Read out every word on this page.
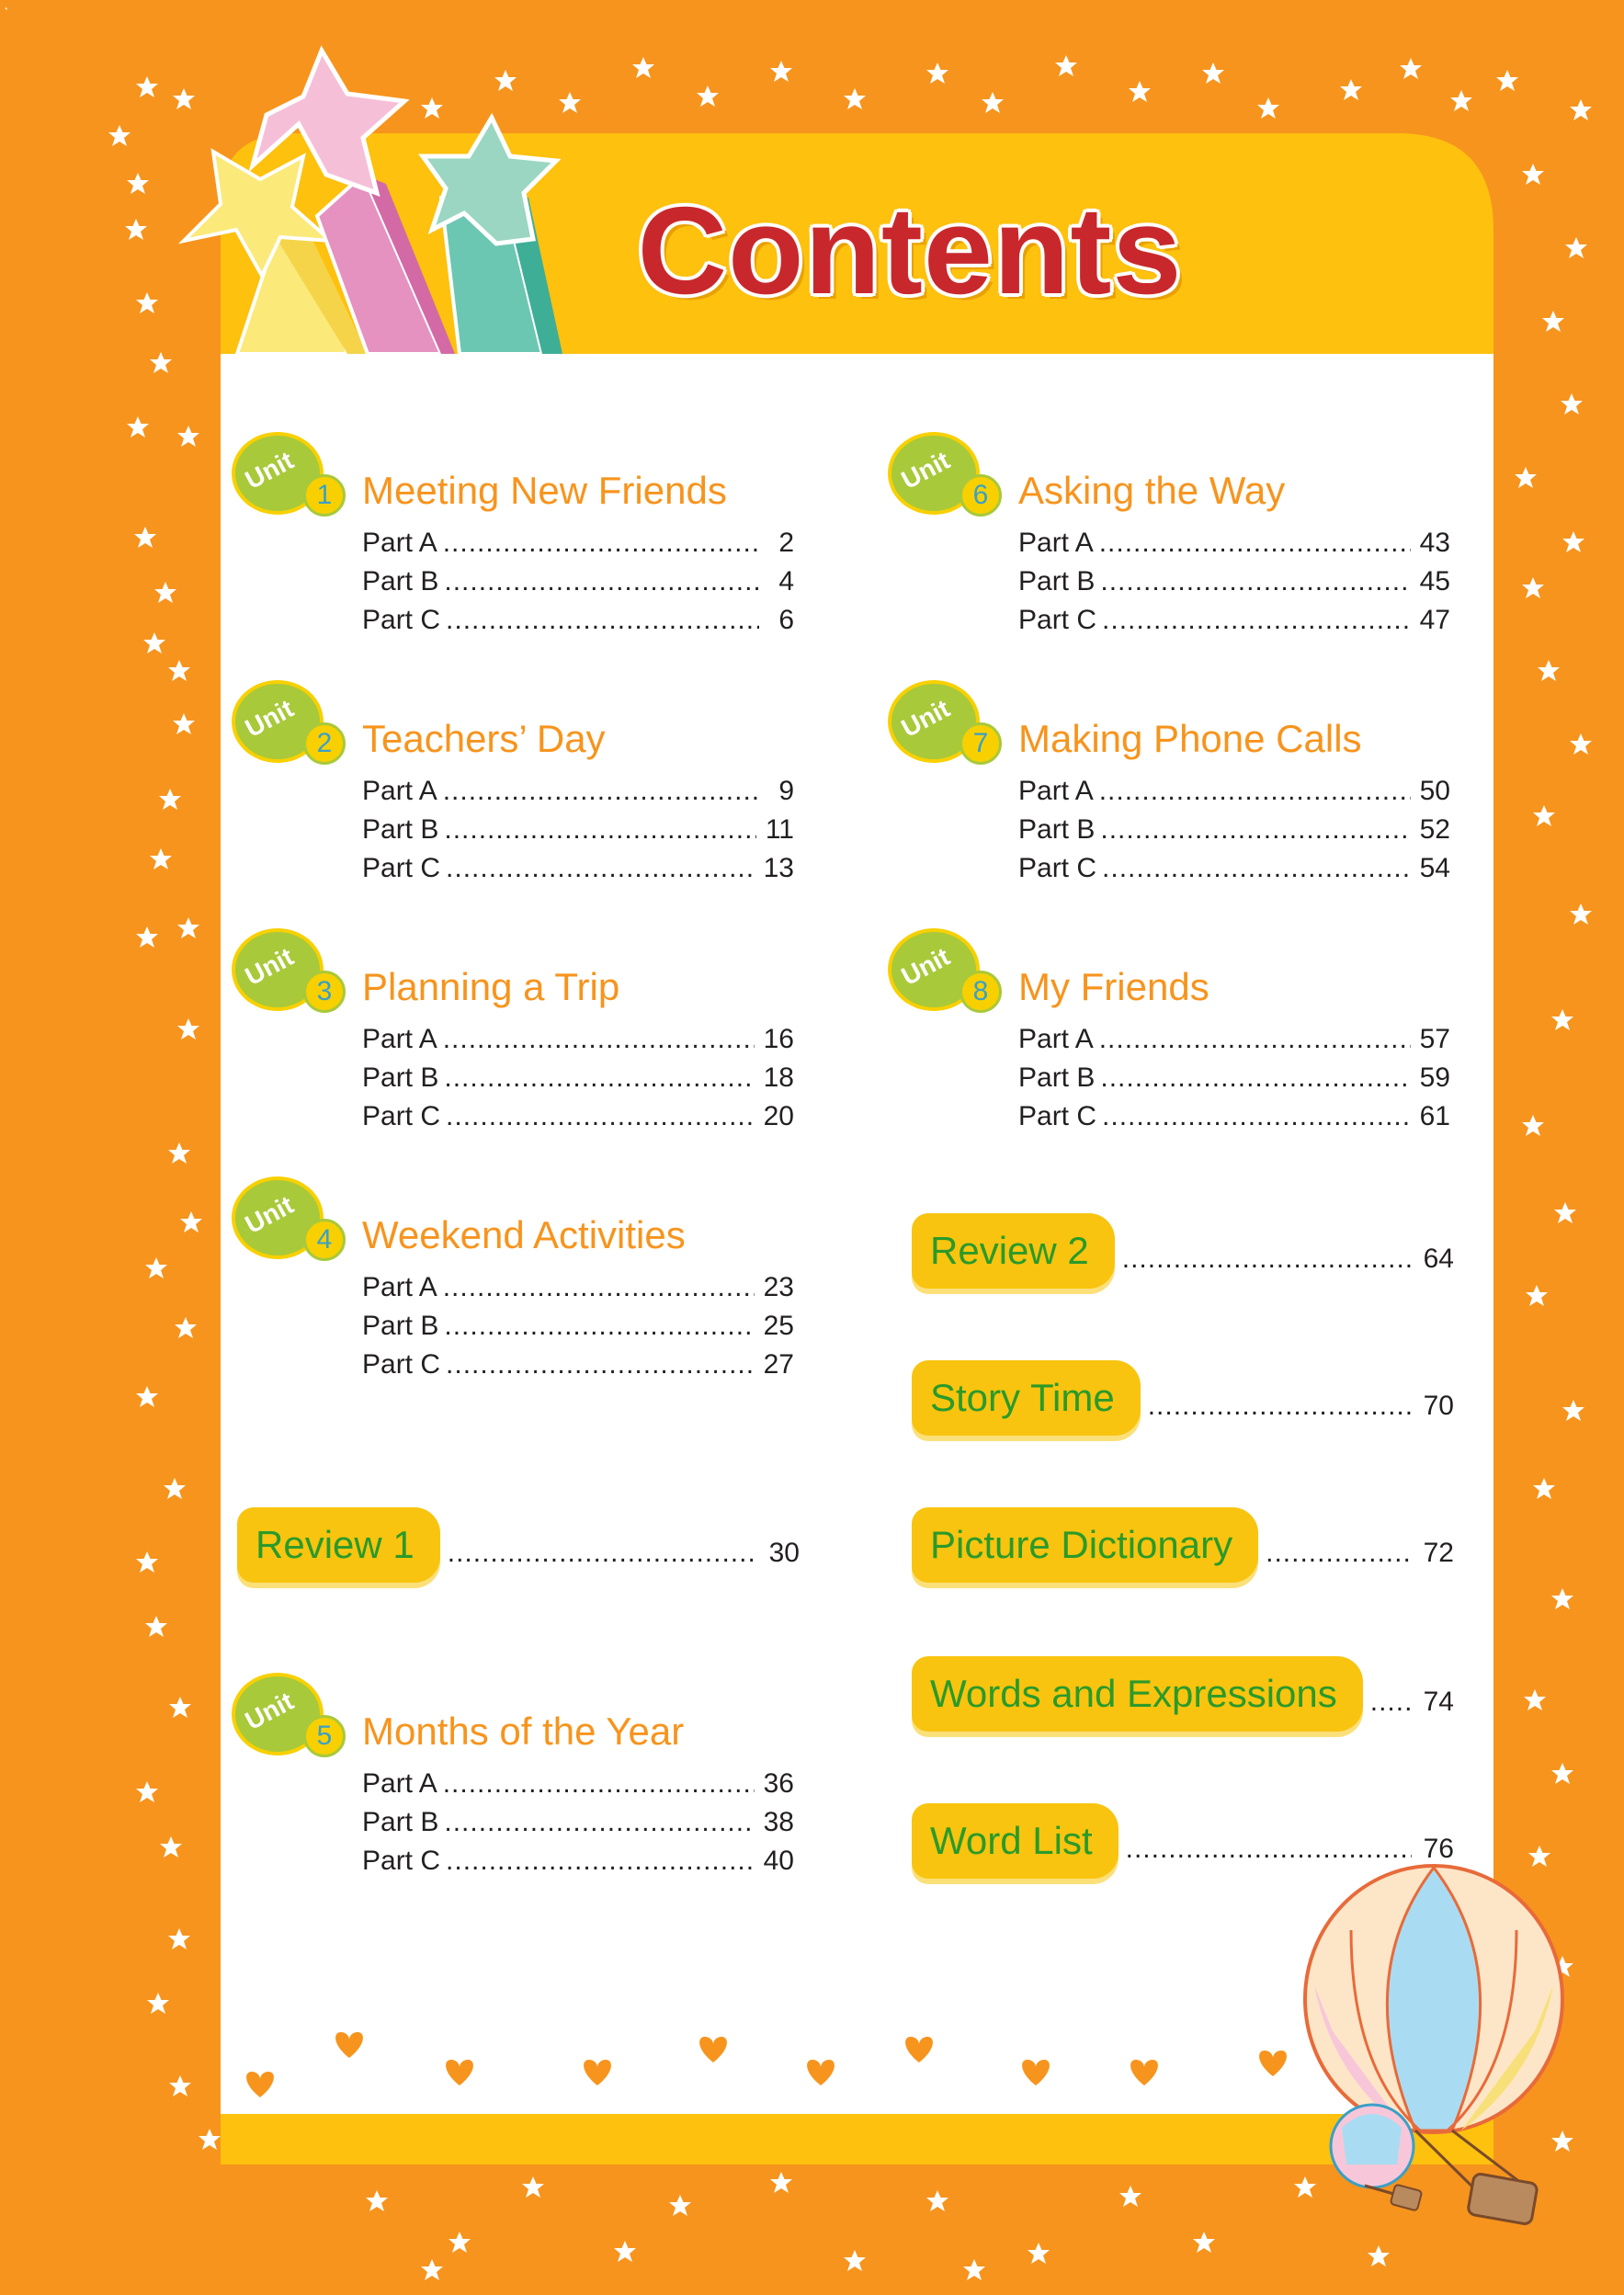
Contents
Unit
1 Meeting New Friends
Part A .....	2
Part B .....	4
Part C .....	6
Unit
2 Teachers’ Day
Part A .....	9
Part B .....	11
Part C .....	13
Unit
3 Planning a Trip
Part A .....	16
Part B .....	18
Part C .....	20
Unit
4 Weekend Activities
Part A .....	23
Part B .....	25
Part C .....	27
Unit
5 Months of the Year
Part A .....	36
Part B .....	38
Part C .....	40
Unit
6 Asking the Way
Part A .....	43
Part B .....	45
Part C .....	47
Unit
7 Making Phone Calls
Part A .....	50
Part B .....	52
Part C .....	54
Unit
8 My Friends
Part A .....	57
Part B .....	59
Part C .....	61
Review 1 .....	30
Review 2 .....	64
Story Time .....	70
Picture Dictionary .....	72
Words and Expressions .....	74
Word List .....	76
